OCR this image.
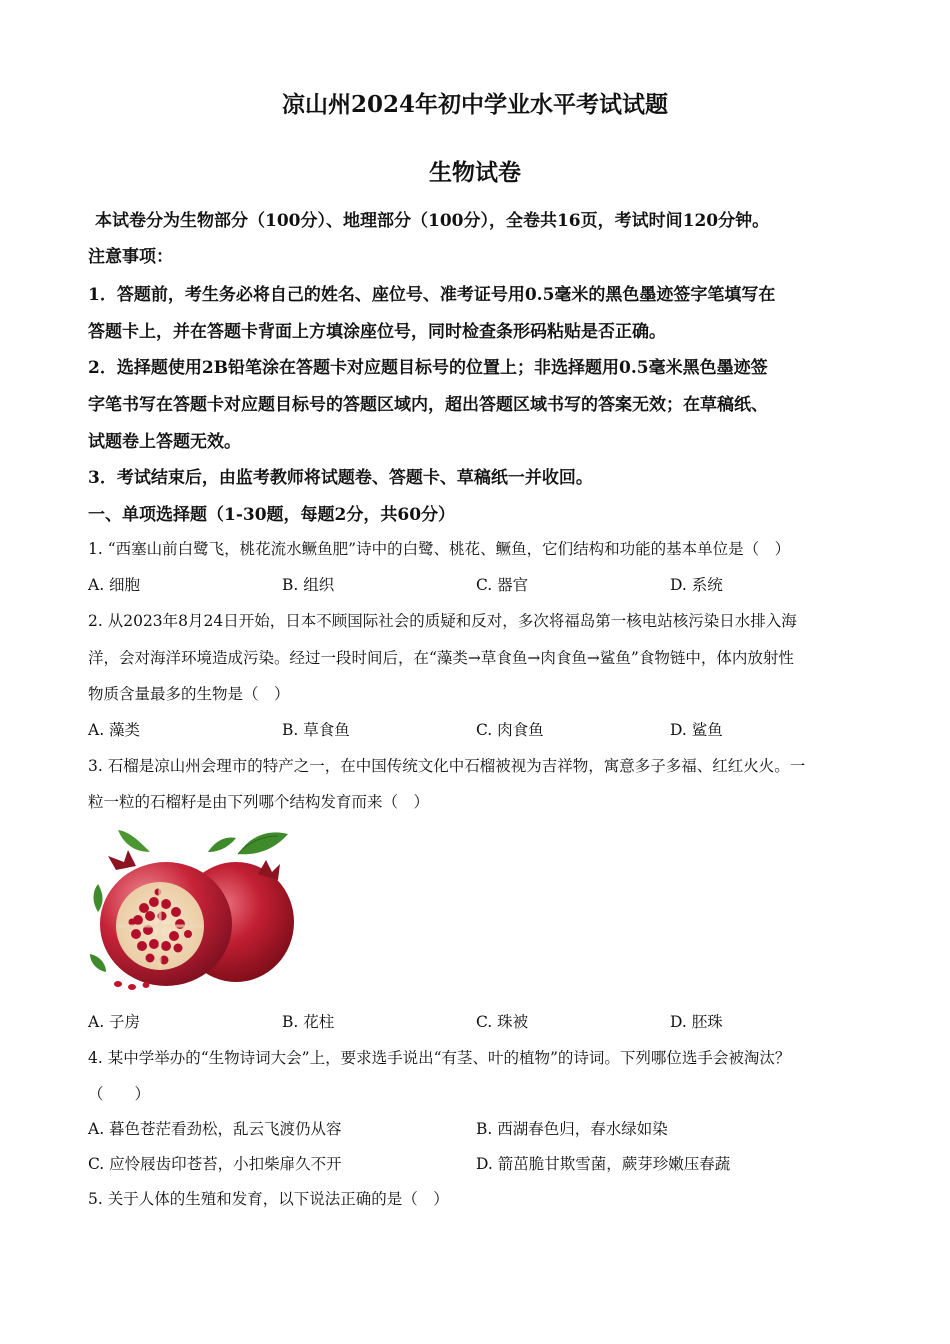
凉山州2024年初中学业水平考试试题
生物试卷
本试卷分为生物部分（100分）、地理部分（100分），全卷共16页，考试时间120分钟。
注意事项：
1．答题前，考生务必将自己的姓名、座位号、准考证号用0.5毫米的黑色墨迹签字笔填写在
答题卡上，并在答题卡背面上方填涂座位号，同时检查条形码粘贴是否正确。
2．选择题使用2B铅笔涂在答题卡对应题目标号的位置上；非选择题用0.5毫米黑色墨迹签
字笔书写在答题卡对应题目标号的答题区域内，超出答题区域书写的答案无效；在草稿纸、
试题卷上答题无效。
3．考试结束后，由监考教师将试题卷、答题卡、草稿纸一并收回。
一、单项选择题（1-30题，每题2分，共60分）
1. “西塞山前白鹭飞，桃花流水鳜鱼肥”诗中的白鹭、桃花、鳜鱼，它们结构和功能的基本单位是（　）
A. 细胞	B. 组织	C. 器官	D. 系统
2. 从2023年8月24日开始，日本不顾国际社会的质疑和反对，多次将福岛第一核电站核污染日水排入海
洋，会对海洋环境造成污染。经过一段时间后，在“藻类→草食鱼→肉食鱼→鲨鱼”食物链中，体内放射性
物质含量最多的生物是（　）
A. 藻类	B. 草食鱼	C. 肉食鱼	D. 鲨鱼
3. 石榴是凉山州会理市的特产之一，在中国传统文化中石榴被视为吉祥物，寓意多子多福、红红火火。一
粒一粒的石榴籽是由下列哪个结构发育而来（　）
A. 子房	B. 花柱	C. 珠被	D. 胚珠
4. 某中学举办的“生物诗词大会”上，要求选手说出“有茎、叶的植物”的诗词。下列哪位选手会被淘汰？
（　　）
A. 暮色苍茫看劲松，乱云飞渡仍从容	B. 西湖春色归，春水绿如染
C. 应怜屐齿印苍苔，小扣柴扉久不开	D. 箭茁脆甘欺雪菌，蕨芽珍嫩压春蔬
5. 关于人体的生殖和发育，以下说法正确的是（　）
